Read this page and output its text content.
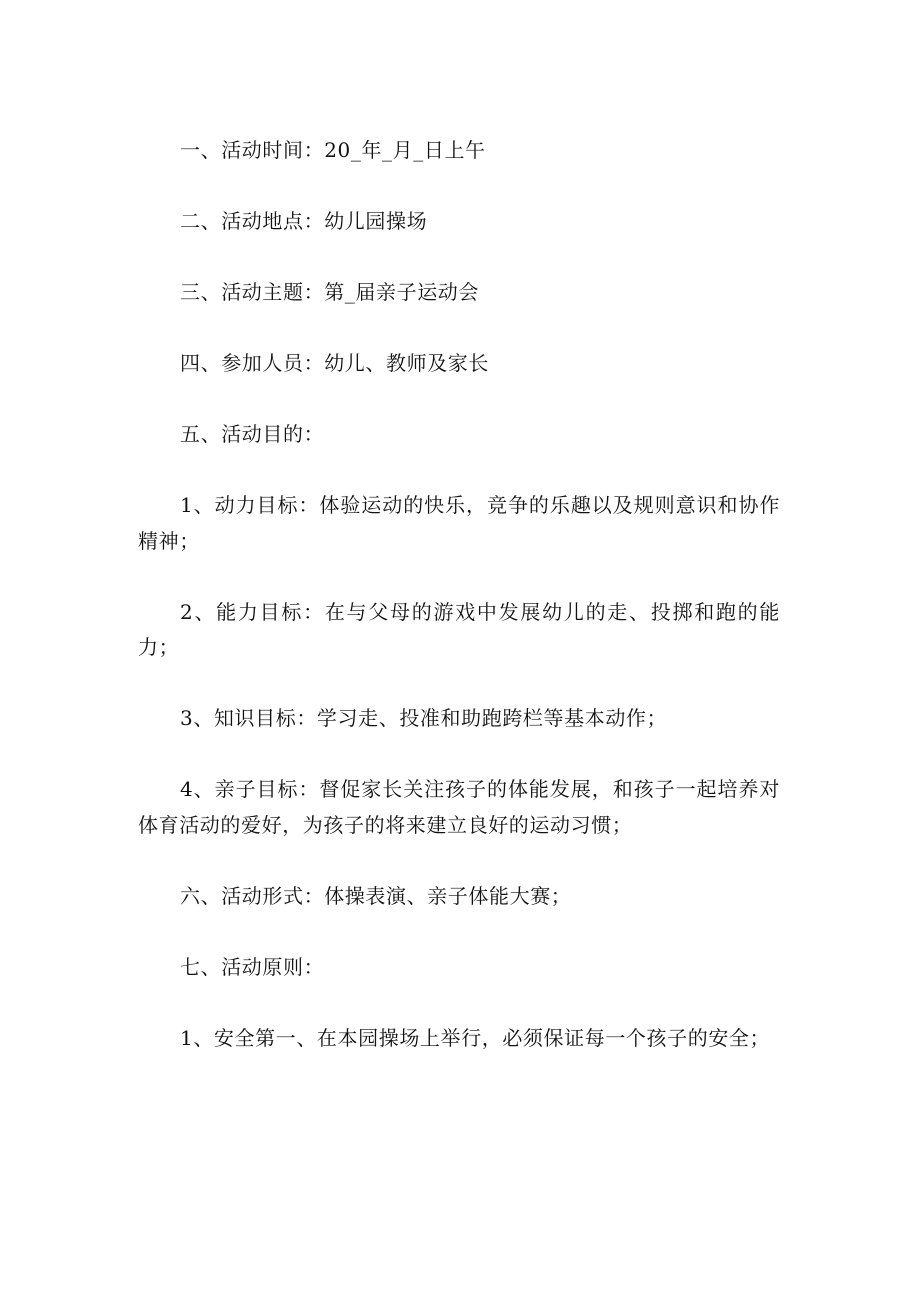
一、活动时间：20_年_月_日上午

二、活动地点：幼儿园操场

三、活动主题：第_届亲子运动会

四、参加人员：幼儿、教师及家长

五、活动目的：

1、动力目标：体验运动的快乐，竞争的乐趣以及规则意识和协作精神；

2、能力目标：在与父母的游戏中发展幼儿的走、投掷和跑的能力；

3、知识目标：学习走、投准和助跑跨栏等基本动作；

4、亲子目标：督促家长关注孩子的体能发展，和孩子一起培养对体育活动的爱好，为孩子的将来建立良好的运动习惯；

六、活动形式：体操表演、亲子体能大赛；

七、活动原则：

1、安全第一、在本园操场上举行，必须保证每一个孩子的安全；
